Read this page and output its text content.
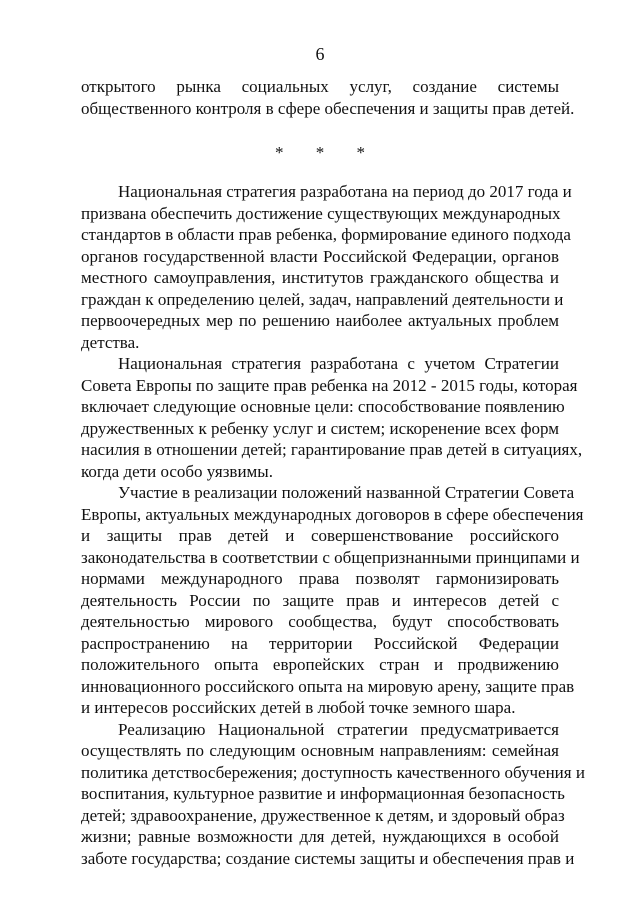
6
открытого рынка социальных услуг, создание системы
общественного контроля в сфере обеспечения и защиты прав детей.
* * *
Национальная стратегия разработана на период до 2017 года и
призвана обеспечить достижение существующих международных
стандартов в области прав ребенка, формирование единого подхода
органов государственной власти Российской Федерации, органов
местного самоуправления, институтов гражданского общества и
граждан к определению целей, задач, направлений деятельности и
первоочередных мер по решению наиболее актуальных проблем
детства.
Национальная стратегия разработана с учетом Стратегии
Совета Европы по защите прав ребенка на 2012 - 2015 годы, которая
включает следующие основные цели: способствование появлению
дружественных к ребенку услуг и систем; искоренение всех форм
насилия в отношении детей; гарантирование прав детей в ситуациях,
когда дети особо уязвимы.
Участие в реализации положений названной Стратегии Совета
Европы, актуальных международных договоров в сфере обеспечения
и защиты прав детей и совершенствование российского
законодательства в соответствии с общепризнанными принципами и
нормами международного права позволят гармонизировать
деятельность России по защите прав и интересов детей с
деятельностью мирового сообщества, будут способствовать
распространению на территории Российской Федерации
положительного опыта европейских стран и продвижению
инновационного российского опыта на мировую арену, защите прав
и интересов российских детей в любой точке земного шара.
Реализацию Национальной стратегии предусматривается
осуществлять по следующим основным направлениям: семейная
политика детствосбережения; доступность качественного обучения и
воспитания, культурное развитие и информационная безопасность
детей; здравоохранение, дружественное к детям, и здоровый образ
жизни; равные возможности для детей, нуждающихся в особой
заботе государства; создание системы защиты и обеспечения прав и
